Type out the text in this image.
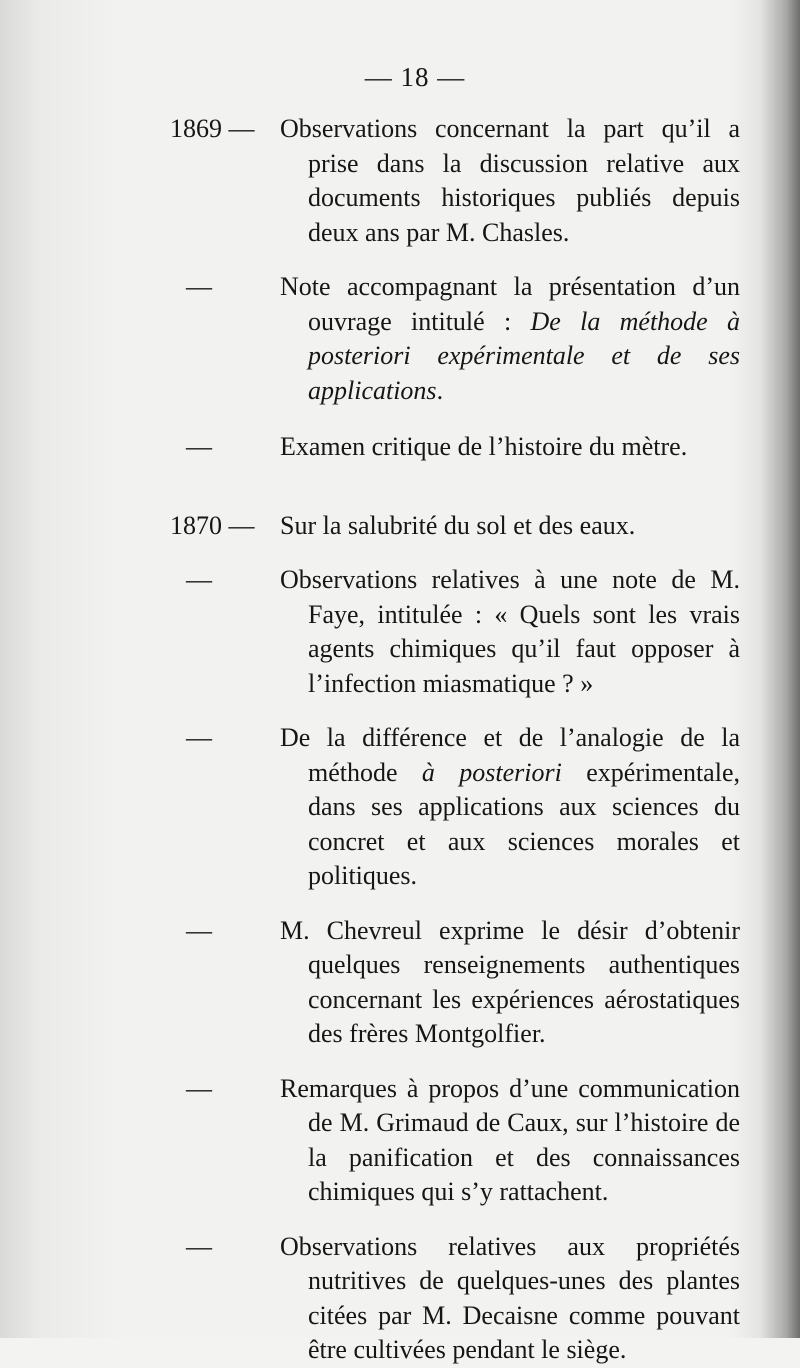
— 18 —
1869 — Observations concernant la part qu’il a prise dans la discussion relative aux documents historiques publiés depuis deux ans par M. Chasles.

—	Note accompagnant la présentation d’un ouvrage intitulé : De la méthode à posteriori expérimentale et de ses applications.

—	Examen critique de l’histoire du mètre.

1870 — Sur la salubrité du sol et des eaux.

—	Observations relatives à une note de M. Faye, intitulée : « Quels sont les vrais agents chimiques qu’il faut opposer à l’infection miasmatique ? »

—	De la différence et de l’analogie de la méthode à posteriori expérimentale, dans ses applications aux sciences du concret et aux sciences morales et politiques.

—	M. Chevreul exprime le désir d’obtenir quelques renseignements authentiques concernant les expériences aérostatiques des frères Montgolfier.

—	Remarques à propos d’une communication de M. Grimaud de Caux, sur l’histoire de la panification et des connaissances chimiques qui s’y rattachent.

—	Observations relatives aux propriétés nutritives de quelques-unes des plantes citées par M. Decaisne comme pouvant être cultivées pendant le siège.
